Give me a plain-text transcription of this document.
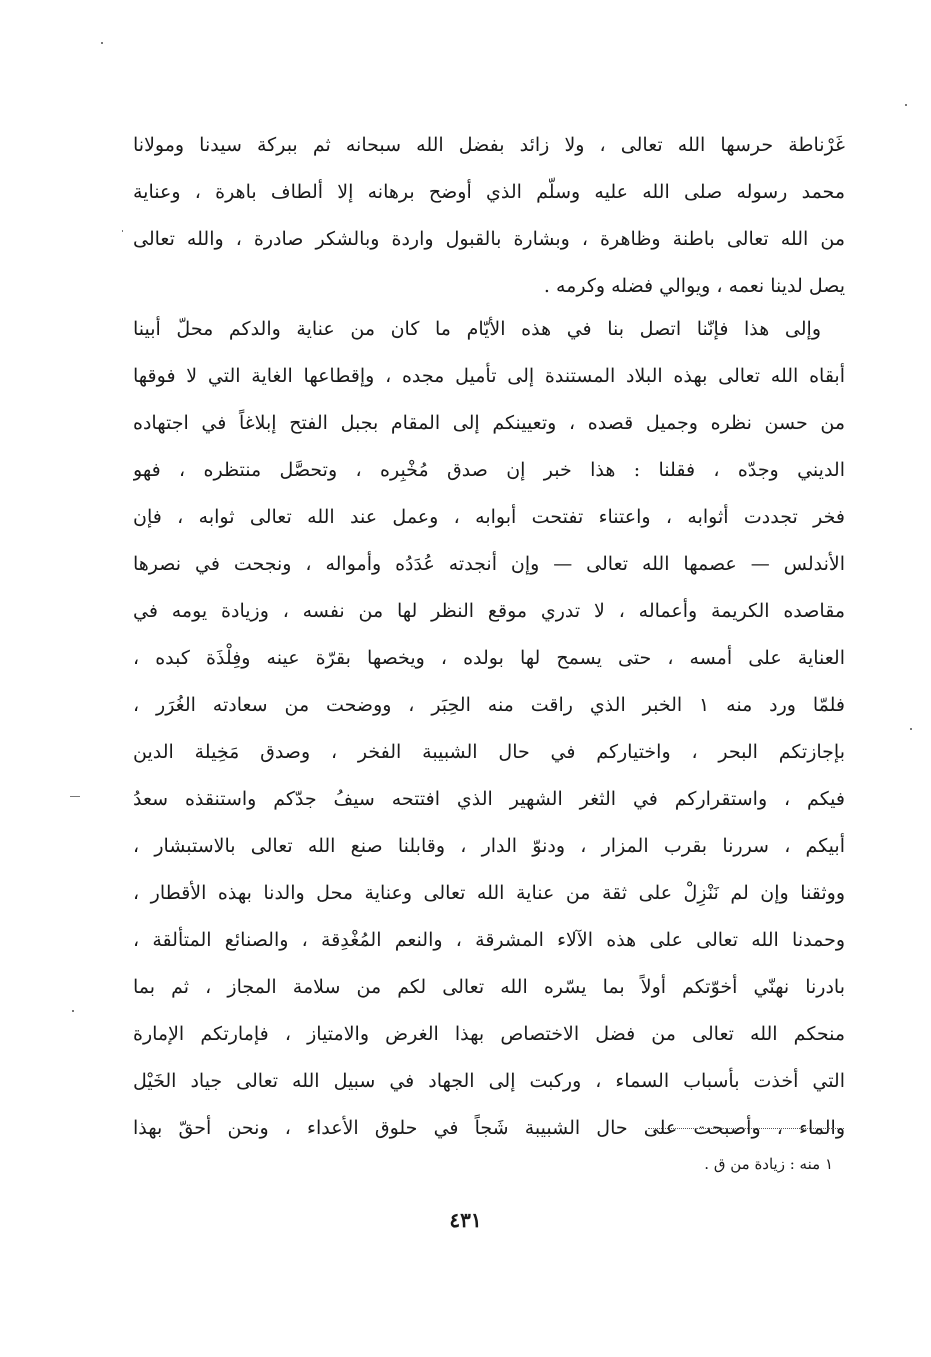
غَرْناطة حرسها الله تعالى ، ولا زائد بفضل الله سبحانه ثم ببركة سيدنا ومولانا
محمد رسوله صلى الله عليه وسلّم الذي أوضح برهانه إلا ألطاف باهرة ، وعناية
من الله تعالى باطنة وظاهرة ، وبشارة بالقبول واردة وبالشكر صادرة ، والله تعالى
يصل لدينا نعمه ، ويوالي فضله وكرمه .
وإلى هذا فإنّنا اتصل بنا في هذه الأيّام ما كان من عناية والدكم محلّ أبينا
أبقاه الله تعالى بهذه البلاد المستندة إلى تأميل مجده ، وإقطاعها الغاية التي لا فوقها
من حسن نظره وجميل قصده ، وتعيينكم إلى المقام بجبل الفتح إبلاغاً في اجتهاده
الديني وجدّه ، فقلنا : هذا خبر إن صدق مُخْبِره ، وتحصَّل منتظره ، فهو
فخر تجددت أثوابه ، واعتناء تفتحت أبوابه ، وعمل عند الله تعالى ثوابه ، فإن
الأندلس — عصمها الله تعالى — وإن أنجدته عُدَدُه وأمواله ، ونجحت في نصرها
مقاصده الكريمة وأعماله ، لا تدري موقع النظر لها من نفسه ، وزيادة يومه في
العناية على أمسه ، حتى يسمح لها بولده ، ويخصها بقرّة عينه وفِلْذَة كبده ،
فلمّا ورد منه ١ الخبر الذي راقت منه الحِبَر ، ووضحت من سعادته الغُرَر ،
بإجازتكم البحر ، واختياركم في حال الشبيبة الفخر ، وصدق مَخِيلة الدين
فيكم ، واستقراركم في الثغر الشهير الذي افتتحه سيفُ جدّكم واستنقذه سعدُ
أبيكم ، سررنا بقرب المزار ، ودنوّ الدار ، وقابلنا صنع الله تعالى بالاستبشار ،
ووثقنا وإن لم نَنْزِلْ على ثقة من عناية الله تعالى وعناية محل والدنا بهذه الأقطار ،
وحمدنا الله تعالى على هذه الآلاء المشرقة ، والنعم المُغْدِقة ، والصنائع المتألقة ،
بادرنا نهنّي أخوّتكم أولاً بما يسّره الله تعالى لكم من سلامة المجاز ، ثم بما
منحكم الله تعالى من فضل الاختصاص بهذا الغرض والامتياز ، فإمارتكم الإمارة
التي أخذت بأسباب السماء ، وركبت إلى الجهاد في سبيل الله تعالى جياد الخَيْل
والماء ، وأصبحت على حال الشبيبة شَجاً في حلوق الأعداء ، ونحن أحقّ بهذا
١ منه : زيادة من ق .
٤٣١
